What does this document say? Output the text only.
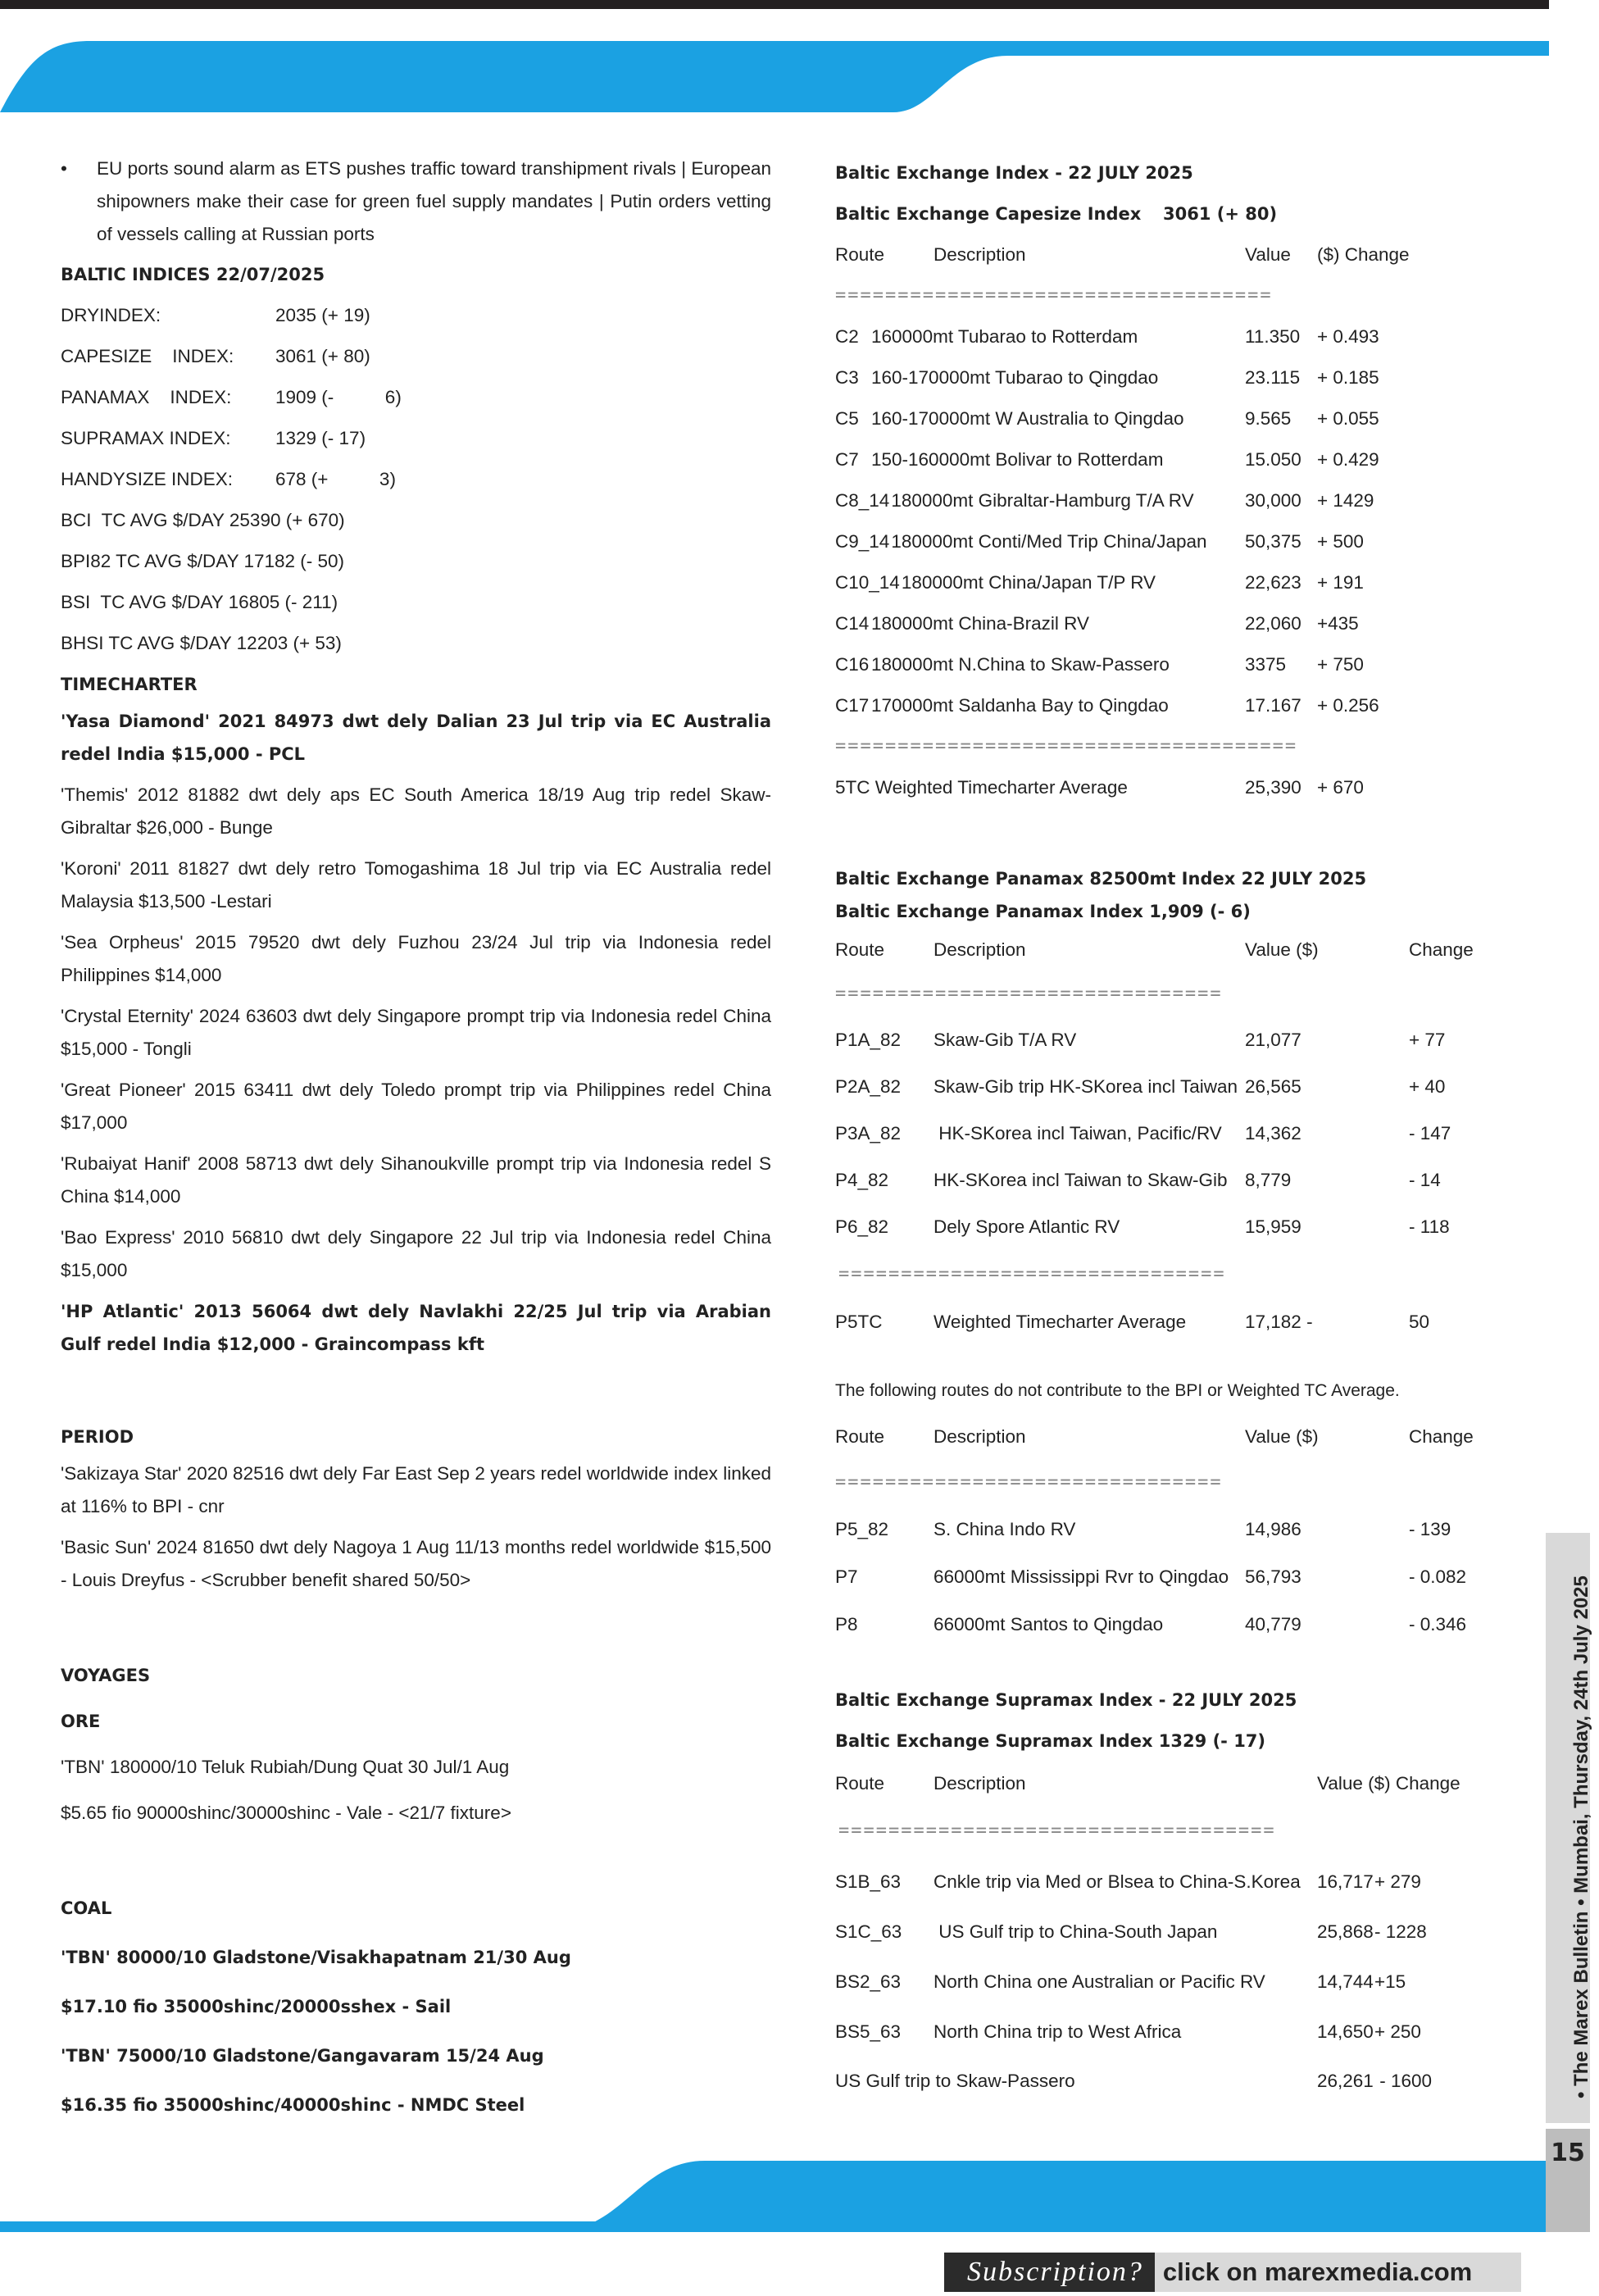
• EU ports sound alarm as ETS pushes traffic toward transhipment rivals | European shipowners make their case for green fuel supply mandates | Putin orders vetting of vessels calling at Russian ports
BALTIC INDICES 22/07/2025
DRYINDEX:	2035 (+ 19)
CAPESIZE    INDEX:	3061 (+ 80)
PANAMAX    INDEX:	1909 (-          6)
SUPRAMAX INDEX:	1329 (- 17)
HANDYSIZE INDEX:	678 (+          3)
BCI  TC AVG $/DAY 25390 (+ 670)
BPI82 TC AVG $/DAY 17182 (- 50)
BSI  TC AVG $/DAY 16805 (- 211)
BHSI TC AVG $/DAY 12203 (+ 53)
TIMECHARTER
'Yasa Diamond' 2021 84973 dwt dely Dalian 23 Jul trip via EC Australia redel India $15,000 - PCL
'Themis' 2012 81882 dwt dely aps EC South America 18/19 Aug trip redel Skaw-Gibraltar $26,000 - Bunge
'Koroni' 2011 81827 dwt dely retro Tomogashima 18 Jul trip via EC Australia redel Malaysia $13,500 -Lestari
'Sea Orpheus' 2015 79520 dwt dely Fuzhou 23/24 Jul trip via Indonesia redel Philippines $14,000
'Crystal Eternity' 2024 63603 dwt dely Singapore prompt trip via Indonesia redel China $15,000 - Tongli
'Great Pioneer' 2015 63411 dwt dely Toledo prompt trip via Philippines redel China $17,000
'Rubaiyat Hanif' 2008 58713 dwt dely Sihanoukville prompt trip via Indonesia redel S China $14,000
'Bao Express' 2010 56810 dwt dely Singapore 22 Jul trip via Indonesia redel China $15,000
'HP Atlantic' 2013 56064 dwt dely Navlakhi 22/25 Jul trip via Arabian Gulf redel India $12,000 - Graincompass kft
PERIOD
'Sakizaya Star' 2020 82516 dwt dely Far East Sep 2 years redel worldwide index linked at 116% to BPI - cnr
'Basic Sun' 2024 81650 dwt dely Nagoya 1 Aug 11/13 months redel worldwide $15,500 - Louis Dreyfus - <Scrubber benefit shared 50/50>
VOYAGES
ORE
'TBN' 180000/10 Teluk Rubiah/Dung Quat 30 Jul/1 Aug
$5.65 fio 90000shinc/30000shinc - Vale - <21/7 fixture>
COAL
'TBN' 80000/10 Gladstone/Visakhapatnam 21/30 Aug
$17.10 fio 35000shinc/20000sshex - Sail
'TBN' 75000/10 Gladstone/Gangavaram 15/24 Aug
$16.35 fio 35000shinc/40000shinc - NMDC Steel
Baltic Exchange Index - 22 JULY 2025
Baltic Exchange Capesize Index	3061 (+ 80)
Route	Description	Value	($) Change
===================================
C2 160000mt Tubarao to Rotterdam	11.350 + 0.493
C3 160-170000mt Tubarao to Qingdao	23.115 + 0.185
C5 160-170000mt W Australia to Qingdao	9.565	+ 0.055
C7 150-160000mt Bolivar to Rotterdam	15.050 + 0.429
C8_14 180000mt Gibraltar-Hamburg T/A RV	30,000 + 1429
C9_14 180000mt Conti/Med Trip China/Japan 50,375 + 500
C10_14 180000mt China/Japan T/P RV	22,623 + 191
C14 180000mt China-Brazil RV	22,060 +435
C16 180000mt N.China to Skaw-Passero	3375	+ 750
C17 170000mt Saldanha Bay to Qingdao	17.167 + 0.256
=====================================
5TC Weighted Timecharter Average	25,390 + 670
Baltic Exchange Panamax 82500mt Index 22 JULY 2025
Baltic Exchange Panamax Index 1,909 (- 6)
Route	Description	Value ($)	Change
===============================
P1A_82	Skaw-Gib T/A RV	21,077	+ 77
P2A_82	Skaw-Gib trip HK-SKorea incl Taiwan 26,565	+ 40
P3A_82	HK-SKorea incl Taiwan, Pacific/RV	14,362	- 147
P4_82	HK-SKorea incl Taiwan to Skaw-Gib 8,779	- 14
P6_82	Dely Spore Atlantic RV	15,959	- 118
===============================
P5TC	Weighted Timecharter Average	17,182 -	50
The following routes do not contribute to the BPI or Weighted TC Average.
Route	Description	Value ($)	Change
===============================
P5_82	S. China Indo RV	14,986	- 139
P7	66000mt Mississippi Rvr to Qingdao 56,793	- 0.082
P8	66000mt Santos to Qingdao	40,779	- 0.346
Baltic Exchange Supramax Index - 22 JULY 2025
Baltic Exchange Supramax Index 1329 (- 17)
Route	Description	Value ($) Change
===================================
S1B_63	Cnkle trip via Med or Blsea to China-S.Korea 16,717 + 279
S1C_63	US Gulf trip to China-South Japan	25,868 - 1228
BS2_63	North China one Australian or Pacific RV	14,744 +15
BS5_63	North China trip to West Africa	14,650 + 250
US Gulf trip to Skaw-Passero	26,261 - 1600	• The Marex Bulletin • Mumbai, Thursday, 24th July 2025
15
Subscription? click on marexmedia.com
